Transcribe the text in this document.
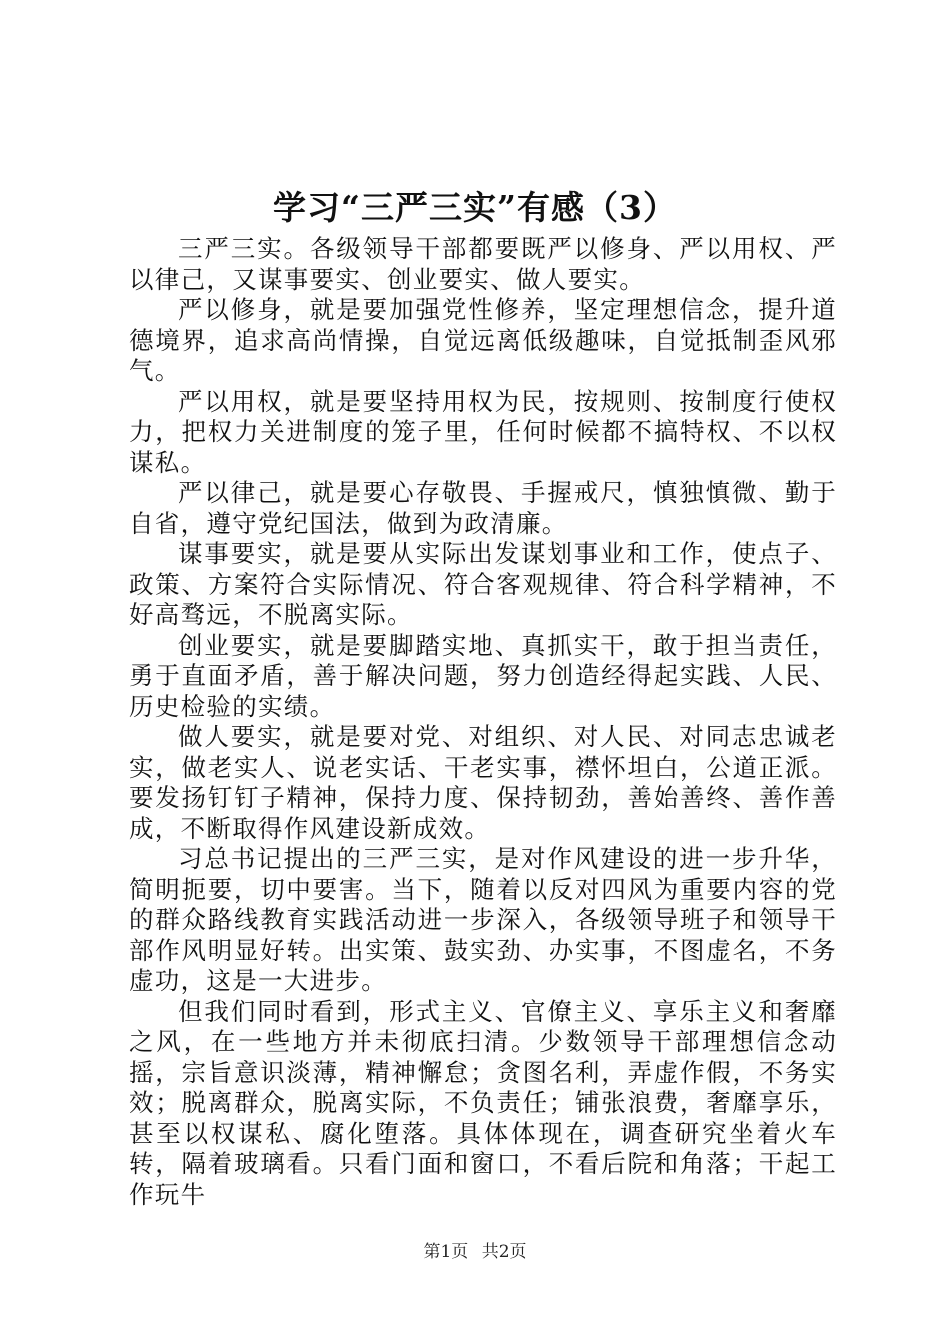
学习“三严三实”有感（3）

三严三实。各级领导干部都要既严以修身、严以用权、严以律己，又谋事要实、创业要实、做人要实。

严以修身，就是要加强党性修养，坚定理想信念，提升道德境界，追求高尚情操，自觉远离低级趣味，自觉抵制歪风邪气。

严以用权，就是要坚持用权为民，按规则、按制度行使权力，把权力关进制度的笼子里，任何时候都不搞特权、不以权谋私。

严以律己，就是要心存敬畏、手握戒尺，慎独慎微、勤于自省，遵守党纪国法，做到为政清廉。

谋事要实，就是要从实际出发谋划事业和工作，使点子、政策、方案符合实际情况、符合客观规律、符合科学精神，不好高骛远，不脱离实际。

创业要实，就是要脚踏实地、真抓实干，敢于担当责任，勇于直面矛盾，善于解决问题，努力创造经得起实践、人民、历史检验的实绩。

做人要实，就是要对党、对组织、对人民、对同志忠诚老实，做老实人、说老实话、干老实事，襟怀坦白，公道正派。要发扬钉钉子精神，保持力度、保持韧劲，善始善终、善作善成，不断取得作风建设新成效。

习总书记提出的三严三实，是对作风建设的进一步升华，简明扼要，切中要害。当下，随着以反对四风为重要内容的党的群众路线教育实践活动进一步深入，各级领导班子和领导干部作风明显好转。出实策、鼓实劲、办实事，不图虚名，不务虚功，这是一大进步。

但我们同时看到，形式主义、官僚主义、享乐主义和奢靡之风，在一些地方并未彻底扫清。少数领导干部理想信念动摇，宗旨意识淡薄，精神懈怠；贪图名利，弄虚作假，不务实效；脱离群众，脱离实际，不负责任；铺张浪费，奢靡享乐，甚至以权谋私、腐化堕落。具体体现在，调查研究坐着火车转，隔着玻璃看。只看门面和窗口，不看后院和角落；干起工作玩牛

第1页 共2页
